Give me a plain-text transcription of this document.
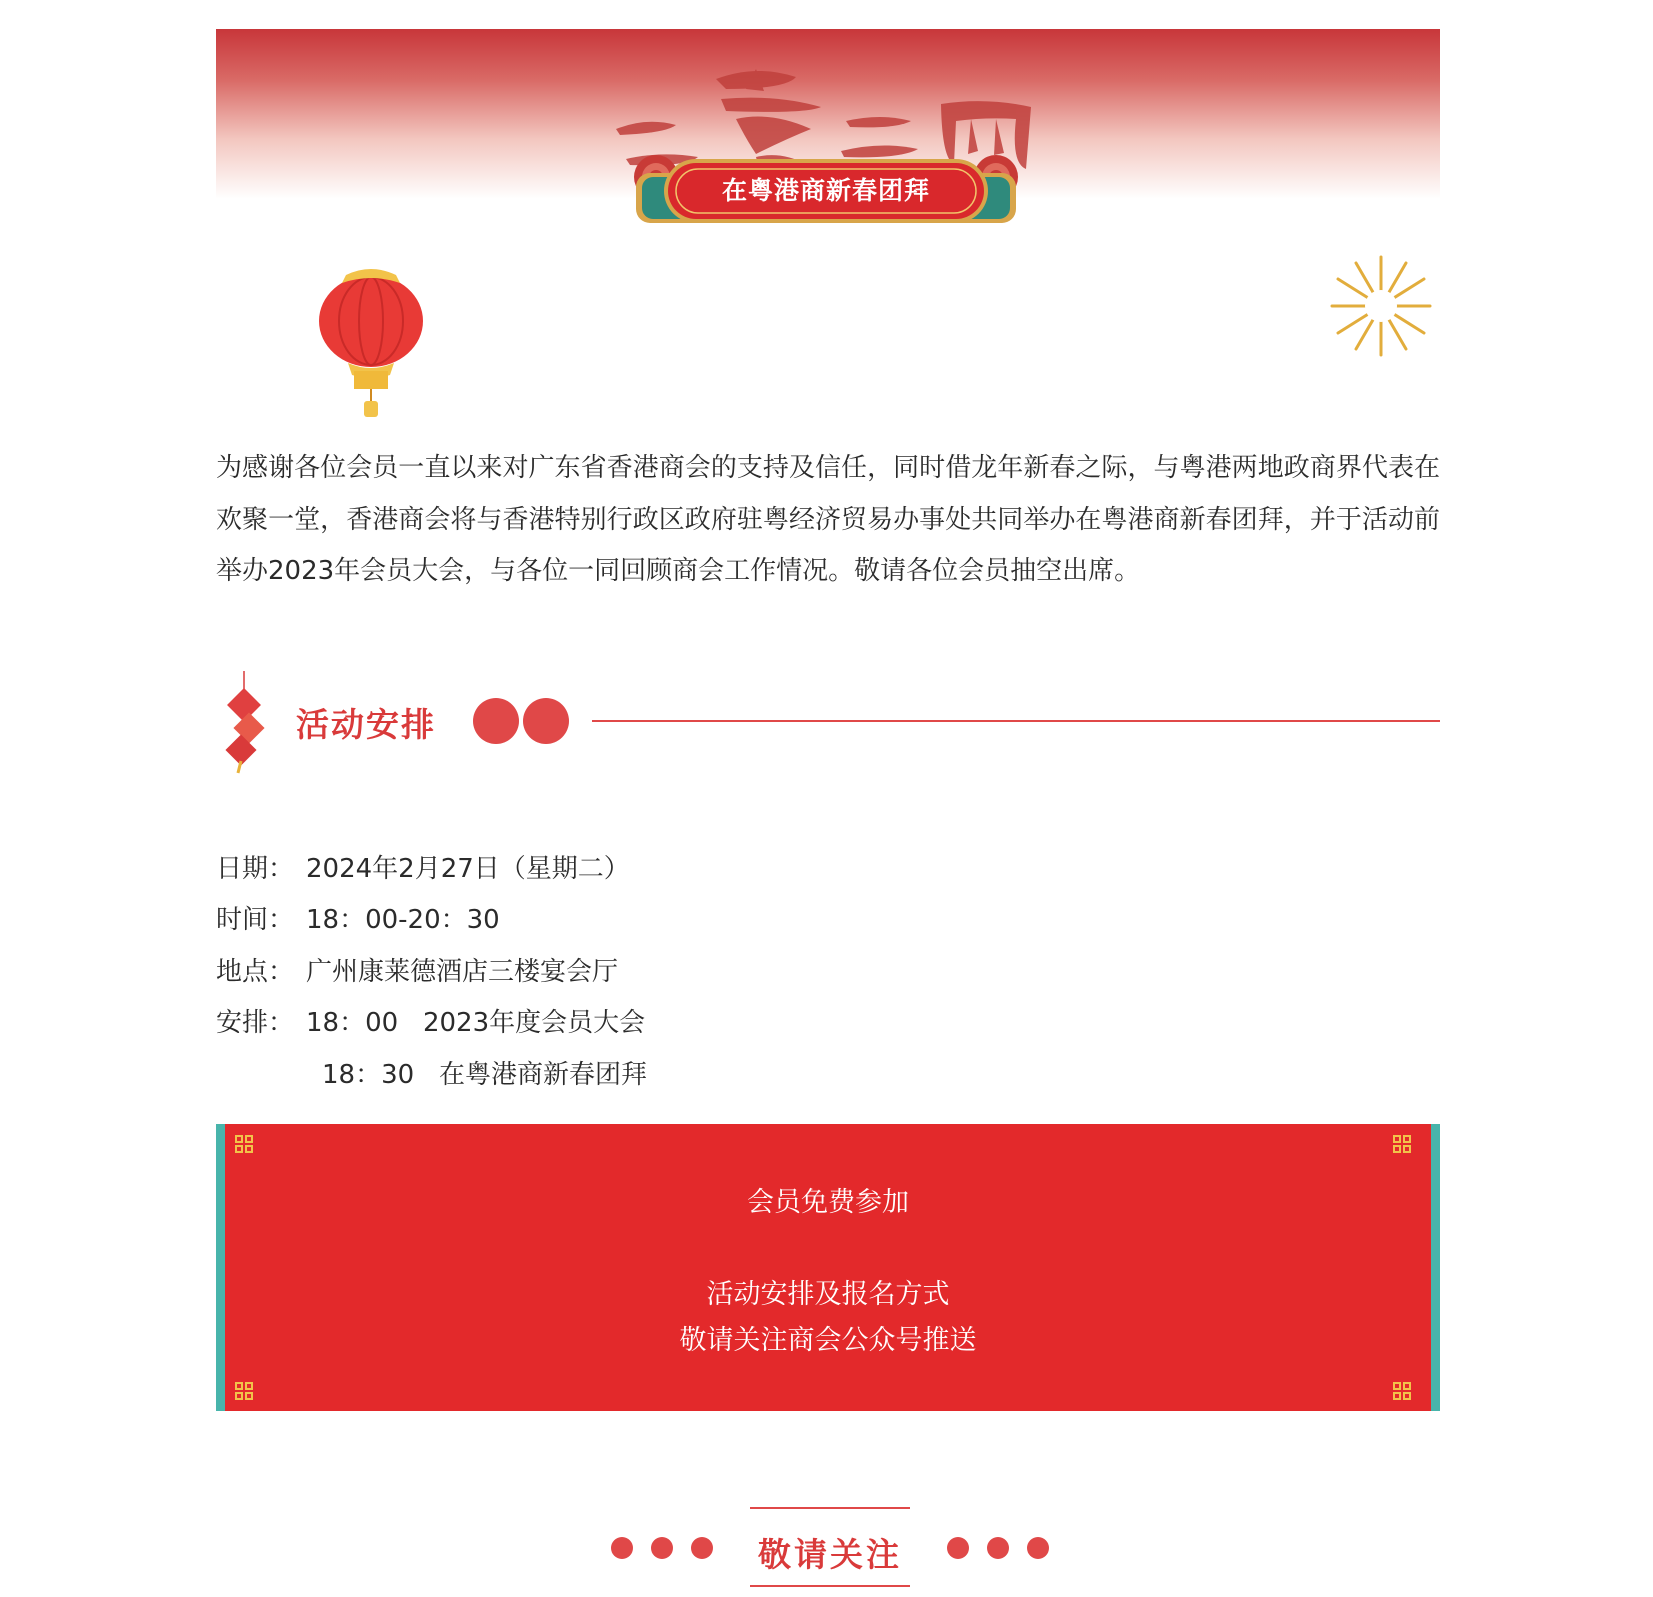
在粤港商新春团拜

为感谢各位会员一直以来对广东省香港商会的支持及信任，同时借龙年新春之际，与粤港两地政商界代表在欢聚一堂，香港商会将与香港特别行政区政府驻粤经济贸易办事处共同举办在粤港商新春团拜，并于活动前举办2023年会员大会，与各位一同回顾商会工作情况。敬请各位会员抽空出席。

活动安排
日期： 2024年2月27日（星期二）
时间： 18：00-20：30
地点： 广州康莱德酒店三楼宴会厅
安排： 18：00 2023年度会员大会
18：30 在粤港商新春团拜
会员免费参加
活动安排及报名方式
敬请关注商会公众号推送
敬请关注
